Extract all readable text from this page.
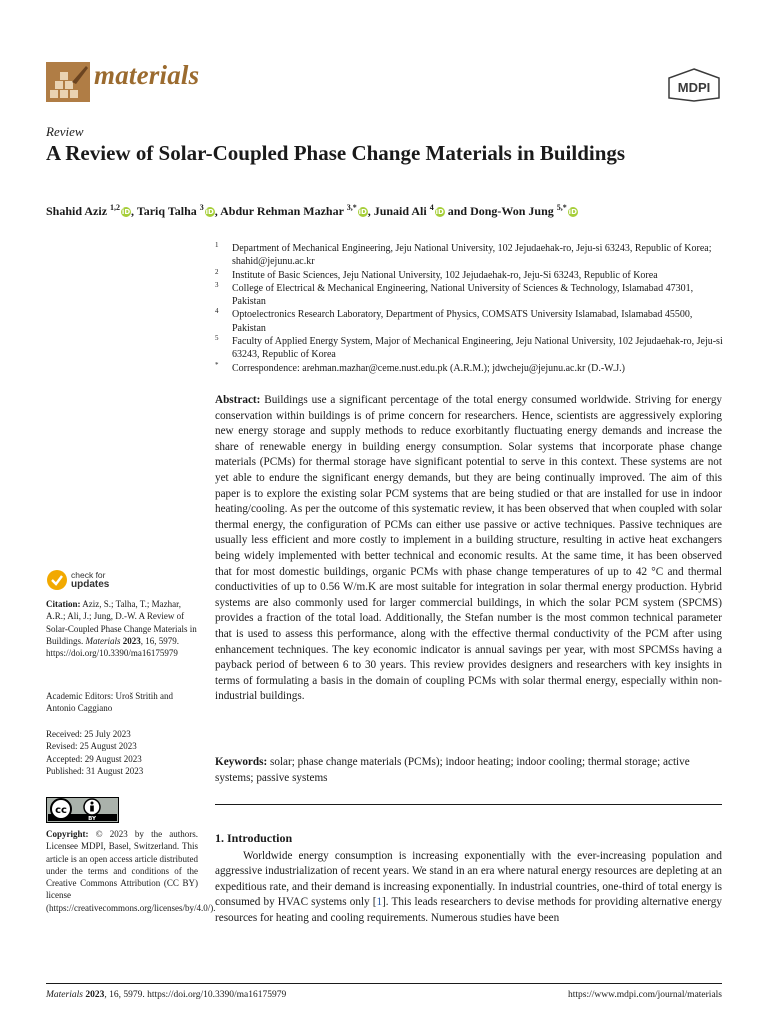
materials	MDPI
Review
A Review of Solar-Coupled Phase Change Materials in Buildings
Shahid Aziz $^{1,2}$ iD, Tariq Talha $^3$ iD, Abdur Rehman Mazhar $^{3,*}$ iD, Junaid Ali $^4$ iD and Dong-Won Jung $^{5,*}$ iD
1 Department of Mechanical Engineering, Jeju National University, 102 Jejudaehak-ro, Jeju-si 63243, Republic of Korea; shahid@jejunu.ac.kr
2 Institute of Basic Sciences, Jeju National University, 102 Jejudaehak-ro, Jeju-Si 63243, Republic of Korea
3 College of Electrical & Mechanical Engineering, National University of Sciences & Technology, Islamabad 47301, Pakistan
4 Optoelectronics Research Laboratory, Department of Physics, COMSATS University Islamabad, Islamabad 45500, Pakistan
5 Faculty of Applied Energy System, Major of Mechanical Engineering, Jeju National University, 102 Jejudaehak-ro, Jeju-si 63243, Republic of Korea
* Correspondence: arehman.mazhar@ceme.nust.edu.pk (A.R.M.); jdwcheju@jejunu.ac.kr (D.-W.J.)
Abstract: Buildings use a significant percentage of the total energy consumed worldwide. Striving for energy conservation within buildings is of prime concern for researchers. Hence, scientists are aggressively exploring new energy storage and supply methods to reduce exorbitantly fluctuating energy demands and increase the share of renewable energy in building energy consumption. Solar systems that incorporate phase change materials (PCMs) for thermal storage have significant potential to serve in this context. These systems are not yet able to endure the significant energy demands, but they are being continually improved. The aim of this paper is to explore the existing solar PCM systems that are being studied or that are installed for use in indoor heating/cooling. As per the outcome of this systematic review, it has been observed that when coupled with solar thermal energy, the configuration of PCMs can either use passive or active techniques. Passive techniques are usually less efficient and more costly to implement in a building structure, resulting in active heat exchangers being widely implemented with better technical and economic results. At the same time, it has been observed that for most domestic buildings, organic PCMs with phase change temperatures of up to 42 °C and thermal conductivities of up to 0.56 W/m.K are most suitable for integration in solar thermal energy production. Hybrid systems are also commonly used for larger commercial buildings, in which the solar PCM system (SPCMS) provides a fraction of the total load. Additionally, the Stefan number is the most common technical parameter that is used to assess this performance, along with the effective thermal conductivity of the PCM after using enhancement techniques. The key economic indicator is annual savings per year, with most SPCMSs having a payback period of between 6 to 30 years. This review provides designers and researchers with key insights in terms of formulating a basis in the domain of coupling PCMs with solar thermal energy, especially within non-industrial buildings.
Keywords: solar; phase change materials (PCMs); indoor heating; indoor cooling; thermal storage; active systems; passive systems
1. Introduction
Worldwide energy consumption is increasing exponentially with the ever-increasing population and aggressive industrialization of recent years. We stand in an era where natural energy resources are depleting at an expeditious rate, and their demand is increasing exponentially. In industrial countries, one-third of total energy is consumed by HVAC systems only [1]. This leads researchers to devise methods for providing alternative energy resources for heating and cooling requirements. Numerous studies have been
check for
updates
Citation: Aziz, S.; Talha, T.; Mazhar, A.R.; Ali, J.; Jung, D.-W. A Review of Solar-Coupled Phase Change Materials in Buildings. Materials 2023, 16, 5979. https://doi.org/10.3390/ma16175979
Academic Editors: Uroš Stritih and Antonio Caggiano
Received: 25 July 2023
Revised: 25 August 2023
Accepted: 29 August 2023
Published: 31 August 2023
cc
BY
Copyright: © 2023 by the authors. Licensee MDPI, Basel, Switzerland. This article is an open access article distributed under the terms and conditions of the Creative Commons Attribution (CC BY) license (https://creativecommons.org/licenses/by/4.0/).
Materials 2023, 16, 5979. https://doi.org/10.3390/ma16175979	https://www.mdpi.com/journal/materials
